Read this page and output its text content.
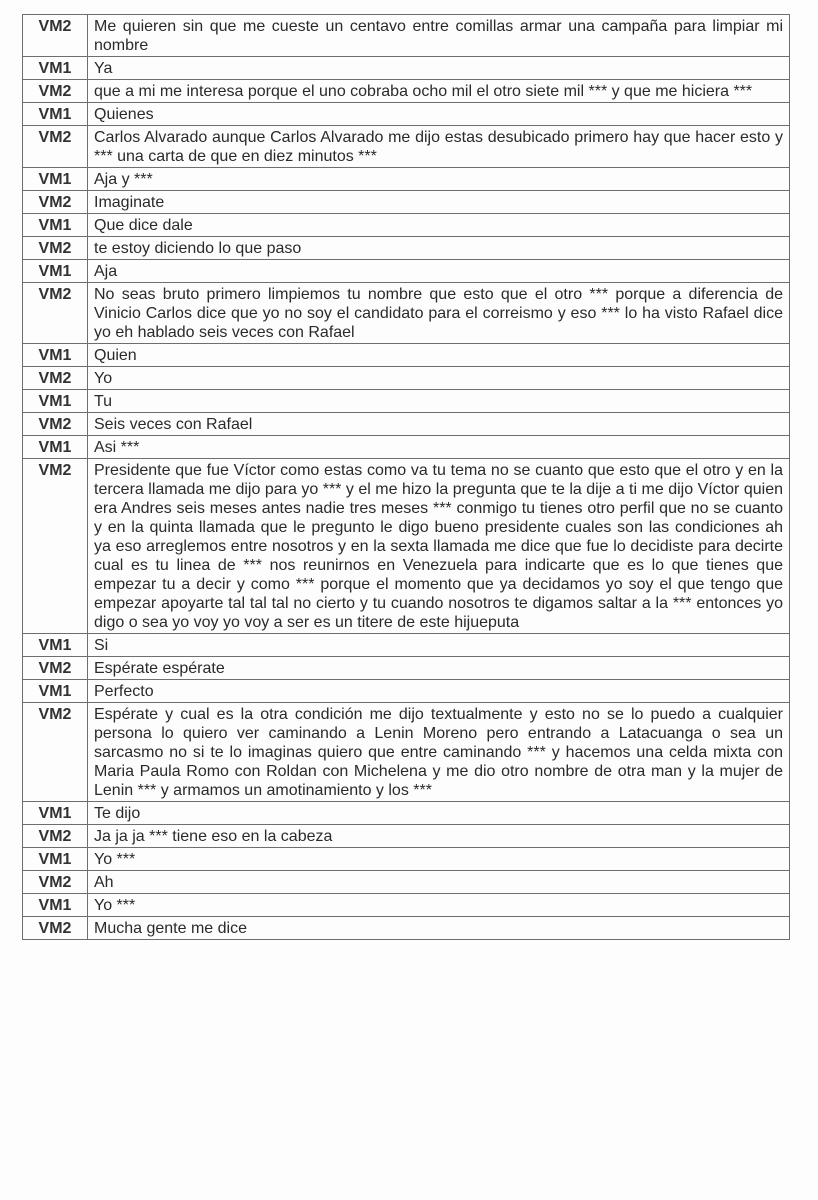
VM2	Me quieren sin que me cueste un centavo entre comillas armar una campaña para limpiar mi nombre
VM1	Ya
VM2	que a mi me interesa porque el uno cobraba ocho mil el otro siete mil *** y que me hiciera ***
VM1	Quienes
VM2	Carlos Alvarado aunque Carlos Alvarado me dijo estas desubicado primero hay que hacer esto y *** una carta de que en diez minutos ***
VM1	Aja y ***
VM2	Imaginate
VM1	Que dice dale
VM2	te estoy diciendo lo que paso
VM1	Aja
VM2	No seas bruto primero limpiemos tu nombre que esto que el otro *** porque a diferencia de Vinicio Carlos dice que yo no soy el candidato para el correismo y eso *** lo ha visto Rafael dice yo eh hablado seis veces con Rafael
VM1	Quien
VM2	Yo
VM1	Tu
VM2	Seis veces con Rafael
VM1	Asi ***
VM2	Presidente que fue Víctor como estas como va tu tema no se cuanto que esto que el otro y en la tercera llamada me dijo para yo *** y el me hizo la pregunta que te la dije a ti me dijo Víctor quien era Andres seis meses antes nadie tres meses *** conmigo tu tienes otro perfil que no se cuanto y en la quinta llamada que le pregunto le digo bueno presidente cuales son las condiciones ah ya eso arreglemos entre nosotros y en la sexta llamada me dice que fue lo decidiste para decirte cual es tu linea de *** nos reunirnos en Venezuela para indicarte que es lo que tienes que empezar tu a decir y como *** porque el momento que ya decidamos yo soy el que tengo que empezar apoyarte tal tal tal no cierto y tu cuando nosotros te digamos saltar a la *** entonces yo digo o sea yo voy yo voy a ser es un titere de este hijueputa
VM1	Si
VM2	Espérate espérate
VM1	Perfecto
VM2	Espérate y cual es la otra condición me dijo textualmente y esto no se lo puedo a cualquier persona lo quiero ver caminando a Lenin Moreno pero entrando a Latacuanga o sea un sarcasmo no si te lo imaginas quiero que entre caminando *** y hacemos una celda mixta con Maria Paula Romo con Roldan con Michelena y me dio otro nombre de otra man y la mujer de Lenin *** y armamos un amotinamiento y los ***
VM1	Te dijo
VM2	Ja ja ja *** tiene eso en la cabeza
VM1	Yo ***
VM2	Ah
VM1	Yo ***
VM2	Mucha gente me dice
